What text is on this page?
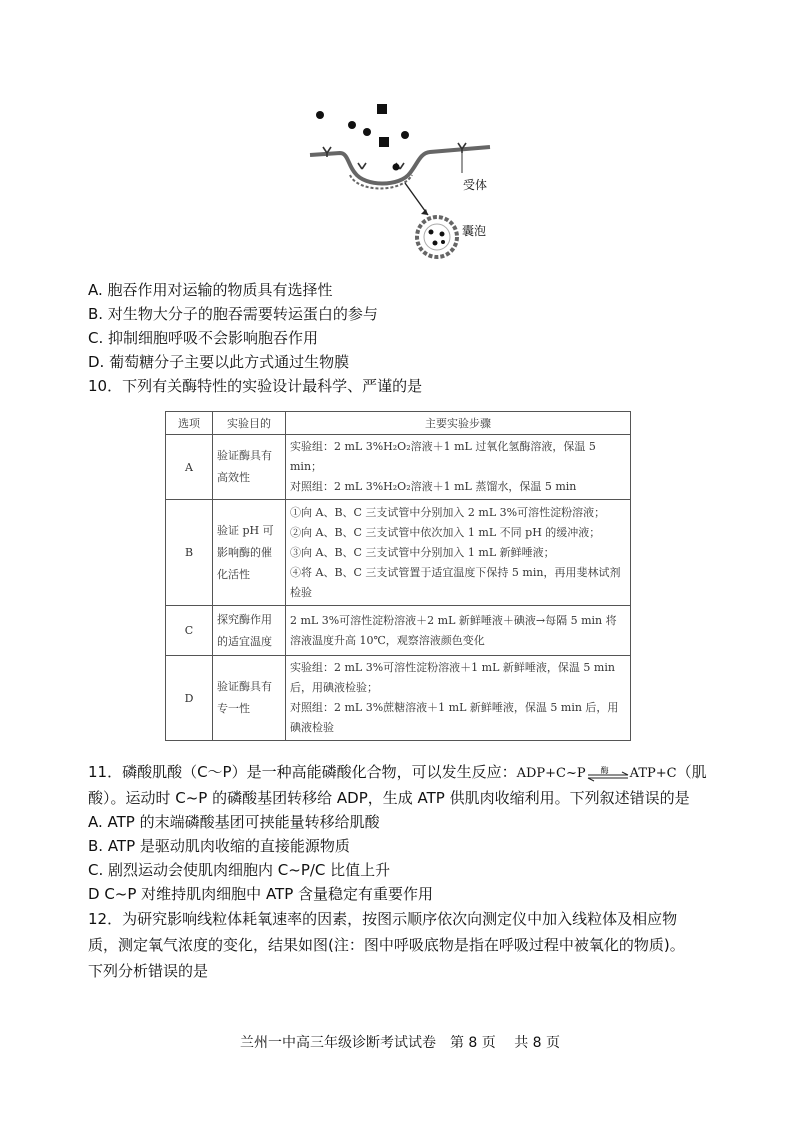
受体
囊泡
A. 胞吞作用对运输的物质具有选择性
B. 对生物大分子的胞吞需要转运蛋白的参与
C. 抑制细胞呼吸不会影响胞吞作用
D. 葡萄糖分子主要以此方式通过生物膜
10．下列有关酶特性的实验设计最科学、严谨的是
选项	实验目的	主要实验步骤
A	验证酶具有高效性	实验组：2 mL 3%H₂O₂溶液＋1 mL 过氧化氢酶溶液，保温 5 min；
对照组：2 mL 3%H₂O₂溶液＋1 mL 蒸馏水，保温 5 min

B	验证 pH 可影响酶的催化活性	①向 A、B、C 三支试管中分别加入 2 mL 3%可溶性淀粉溶液；
②向 A、B、C 三支试管中依次加入 1 mL 不同 pH 的缓冲液；
③向 A、B、C 三支试管中分别加入 1 mL 新鲜唾液；
④将 A、B、C 三支试管置于适宜温度下保持 5 min，再用斐林试剂检验

C	探究酶作用的适宜温度	2 mL 3%可溶性淀粉溶液＋2 mL 新鲜唾液＋碘液→每隔 5 min 将溶液温度升高 10℃，观察溶液颜色变化

D	验证酶具有专一性	实验组：2 mL 3%可溶性淀粉溶液＋1 mL 新鲜唾液，保温 5 min 后，用碘液检验；
对照组：2 mL 3%蔗糖溶液＋1 mL 新鲜唾液，保温 5 min 后，用碘液检验
11．磷酸肌酸（C～P）是一种高能磷酸化合物，可以发生反应：ADP+C~P 酶 ATP+C（肌
酸）。运动时 C~P 的磷酸基团转移给 ADP，生成 ATP 供肌肉收缩利用。下列叙述错误的是
A. ATP 的末端磷酸基团可挟能量转移给肌酸
B. ATP 是驱动肌肉收缩的直接能源物质
C. 剧烈运动会使肌肉细胞内 C~P/C 比值上升
D C~P 对维持肌肉细胞中 ATP 含量稳定有重要作用
12．为研究影响线粒体耗氧速率的因素，按图示顺序依次向测定仪中加入线粒体及相应物
质，测定氧气浓度的变化，结果如图(注：图中呼吸底物是指在呼吸过程中被氧化的物质)。
下列分析错误的是
兰州一中高三年级诊断考试试卷　第 8 页　 共 8 页
